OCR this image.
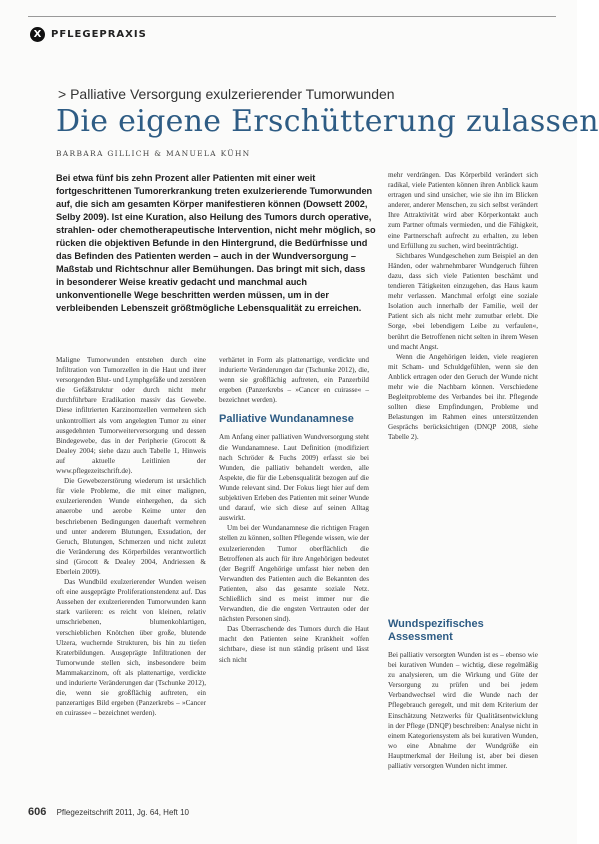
X PFLEGEPRAXIS
> Palliative Versorgung exulzerierender Tumorwunden
Die eigene Erschütterung zulassen
BARBARA GILLICH & MANUELA KÜHN

Bei etwa fünf bis zehn Prozent aller Patienten mit einer weit fortgeschrittenen Tumorerkrankung treten exulzerierende Tumorwunden auf, die sich am gesamten Körper manifestieren können (Dowsett 2002, Selby 2009). Ist eine Kuration, also Heilung des Tumors durch operative, strahlen- oder chemotherapeutische Intervention, nicht mehr möglich, so rücken die objektiven Befunde in den Hintergrund, die Bedürfnisse und das Befinden des Patienten werden – auch in der Wundversorgung – Maßstab und Richtschnur aller Bemühungen. Das bringt mit sich, dass in besonderer Weise kreativ gedacht und manchmal auch unkonventionelle Wege beschritten werden müssen, um in der verbleibenden Lebenszeit größtmögliche Lebensqualität zu erreichen.

Maligne Tumorwunden entstehen durch eine Infiltration von Tumorzellen in die Haut und ihrer versorgenden Blut- und Lymphgefäße und zerstören die Gefäßstruktur oder durch nicht mehr durchführbare Eradikation massiv das Gewebe. Diese infiltrierten Karzinomzellen vermehren sich unkontrolliert als vom angelegten Tumor zu einer ausgedehnten Tumorweiterversorgung und dessen Bindegewebe, das in der Peripherie (Grocott & Dealey 2004; siehe dazu auch Tabelle 1, Hinweis auf aktuelle Leitlinien der www.pflegezeitschrift.de).

Die Gewebezerstörung wiederum ist ursächlich für viele Probleme, die mit einer malignen, exulzerierenden Wunde einhergehen, da sich anaerobe und aerobe Keime unter den beschriebenen Bedingungen dauerhaft vermehren und unter anderem Blutungen, Exsudation, der Geruch, Blutungen, Schmerzen und nicht zuletzt die Veränderung des Körperbildes verantwortlich sind (Grocott & Dealey 2004, Andriessen & Eberlein 2009).

Das Wundbild exulzerierender Wunden weisen oft eine ausgeprägte Proliferationstendenz auf. Das Aussehen der exulzerierenden Tumorwunden kann stark variieren: es reicht von kleinen, relativ umschriebenen, blumenkohlartigen, verschieblichen Knötchen über große, blutende Ulzera, wuchernde Strukturen, bis hin zu tiefen Kraterbildungen. Ausgeprägte Infiltrationen der Tumorwunde stellen sich, insbesondere beim Mammakarzinom, oft als plattenartige, verdickte und indurierte Veränderungen dar (Tschunke 2012), die, wenn sie großflächig auftreten, ein panzerartiges Bild ergeben (Panzerkrebs – »Cancer en cuirasse« – bezeichnet werden).

verhärtet in Form als plattenartige, verdickte und indurierte Veränderungen dar (Tschunke 2012), die, wenn sie großflächig auftreten, ein Panzerbild ergeben (Panzerkrebs – »Cancer en cuirasse« – bezeichnet werden).

Palliative Wundanamnese

Am Anfang einer palliativen Wundversorgung steht die Wundanamnese. Laut Definition (modifiziert nach Schröder & Fuchs 2009) erfasst sie bei Wunden, die palliativ behandelt werden, alle Aspekte, die für die Lebensqualität bezogen auf die Wunde relevant sind. Der Fokus liegt hier auf dem subjektiven Erleben des Patienten mit seiner Wunde und darauf, wie sich diese auf seinen Alltag auswirkt.

Um bei der Wundanamnese die richtigen Fragen stellen zu können, sollten Pflegende wissen, wie der exulzerierenden Tumor oberflächlich die Betroffenen als auch für ihre Angehörigen bedeutet (der Begriff Angehörige umfasst hier neben den Verwandten des Patienten auch die Bekannten des Patienten, also das gesamte soziale Netz. Schließlich sind es meist immer nur die Verwandten, die die engsten Vertrauten oder der nächsten Personen sind).

Das Überraschende des Tumors durch die Haut macht den Patienten seine Krankheit »offen sichtbar«, diese ist nun ständig präsent und lässt sich nicht

mehr verdrängen. Das Körperbild verändert sich radikal, viele Patienten können ihren Anblick kaum ertragen und sind unsicher, wie sie ihn im Blicken anderer, anderer Menschen, zu sich selbst verändert Ihre Attraktivität wird aber Körperkontakt auch zum Partner oftmals vermieden, und die Fähigkeit, eine Partnerschaft aufrecht zu erhalten, zu leben und Erfüllung zu suchen, wird beeinträchtigt.

Sichtbares Wundgeschehen zum Beispiel an den Händen, oder wahrnehmbarer Wundgeruch führen dazu, dass sich viele Patienten beschämt und tendieren Tätigkeiten einzugehen, das Haus kaum mehr verlassen. Manchmal erfolgt eine soziale Isolation auch innerhalb der Familie, weil der Patient sich als nicht mehr zumutbar erlebt. Die Sorge, »bei lebendigem Leibe zu verfaulen«, berührt die Betroffenen nicht selten in ihrem Wesen und macht Angst.

Wenn die Angehörigen leiden, viele reagieren mit Scham- und Schuldgefühlen, wenn sie den Anblick ertragen oder den Geruch der Wunde nicht mehr wie die Nachbarn können. Verschiedene Begleitprobleme des Verbandes bei ihr. Pflegende sollten diese Empfindungen, Probleme und Belastungen im Rahmen eines unterstützenden Gesprächs berücksichtigen (DNQP 2008, siehe Tabelle 2).

Wundspezifisches Assessment

Bei palliativ versorgten Wunden ist es – ebenso wie bei kurativen Wunden – wichtig, diese regelmäßig zu analysieren, um die Wirkung und Güte der Versorgung zu prüfen und bei jedem Verbandwechsel wird die Wunde nach der Pflegebrauch geregelt, und mit dem Kriterium der Einschätzung Netzwerks für Qualitätsentwicklung in der Pflege (DNQP) beschreiben: Analyse nicht in einem Kategoriensystem als bei kurativen Wunden, wo eine Abnahme der Wundgröße ein Hauptmerkmal der Heilung ist, aber bei diesen palliativ versorgten Wunden nicht immer.

606 Pflegezeitschrift 2011, Jg. 64, Heft 10
